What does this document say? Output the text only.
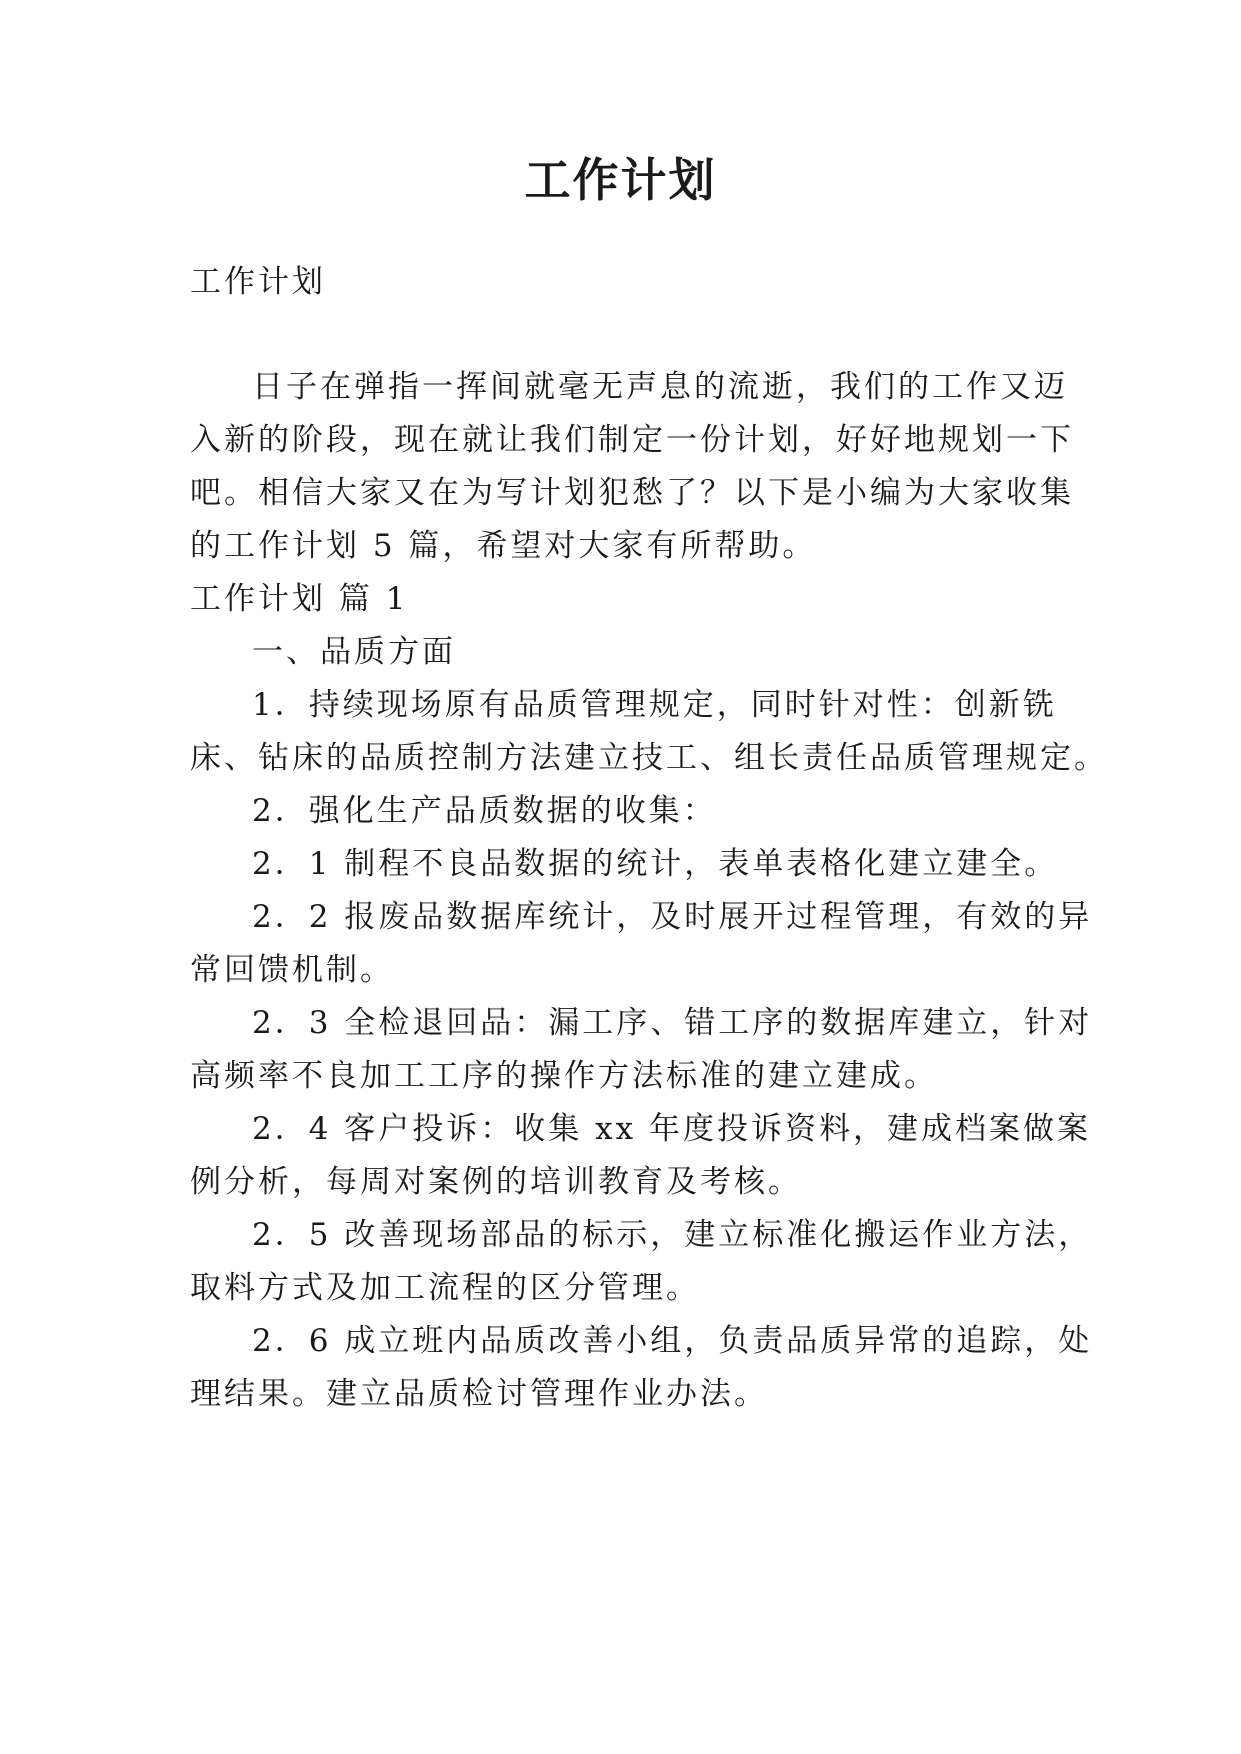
工作计划

工作计划

日子在弹指一挥间就毫无声息的流逝，我们的工作又迈

入新的阶段，现在就让我们制定一份计划，好好地规划一下

吧。相信大家又在为写计划犯愁了？以下是小编为大家收集

的工作计划 5 篇，希望对大家有所帮助。

工作计划 篇 1

一、品质方面

1．持续现场原有品质管理规定，同时针对性：创新铣

床、钻床的品质控制方法建立技工、组长责任品质管理规定。

2．强化生产品质数据的收集：

2．1 制程不良品数据的统计，表单表格化建立建全。

2．2 报废品数据库统计，及时展开过程管理，有效的异

常回馈机制。

2．3 全检退回品：漏工序、错工序的数据库建立，针对

高频率不良加工工序的操作方法标准的建立建成。

2．4 客户投诉：收集 xx 年度投诉资料，建成档案做案

例分析，每周对案例的培训教育及考核。

2．5 改善现场部品的标示，建立标准化搬运作业方法，

取料方式及加工流程的区分管理。

2．6 成立班内品质改善小组，负责品质异常的追踪，处

理结果。建立品质检讨管理作业办法。
